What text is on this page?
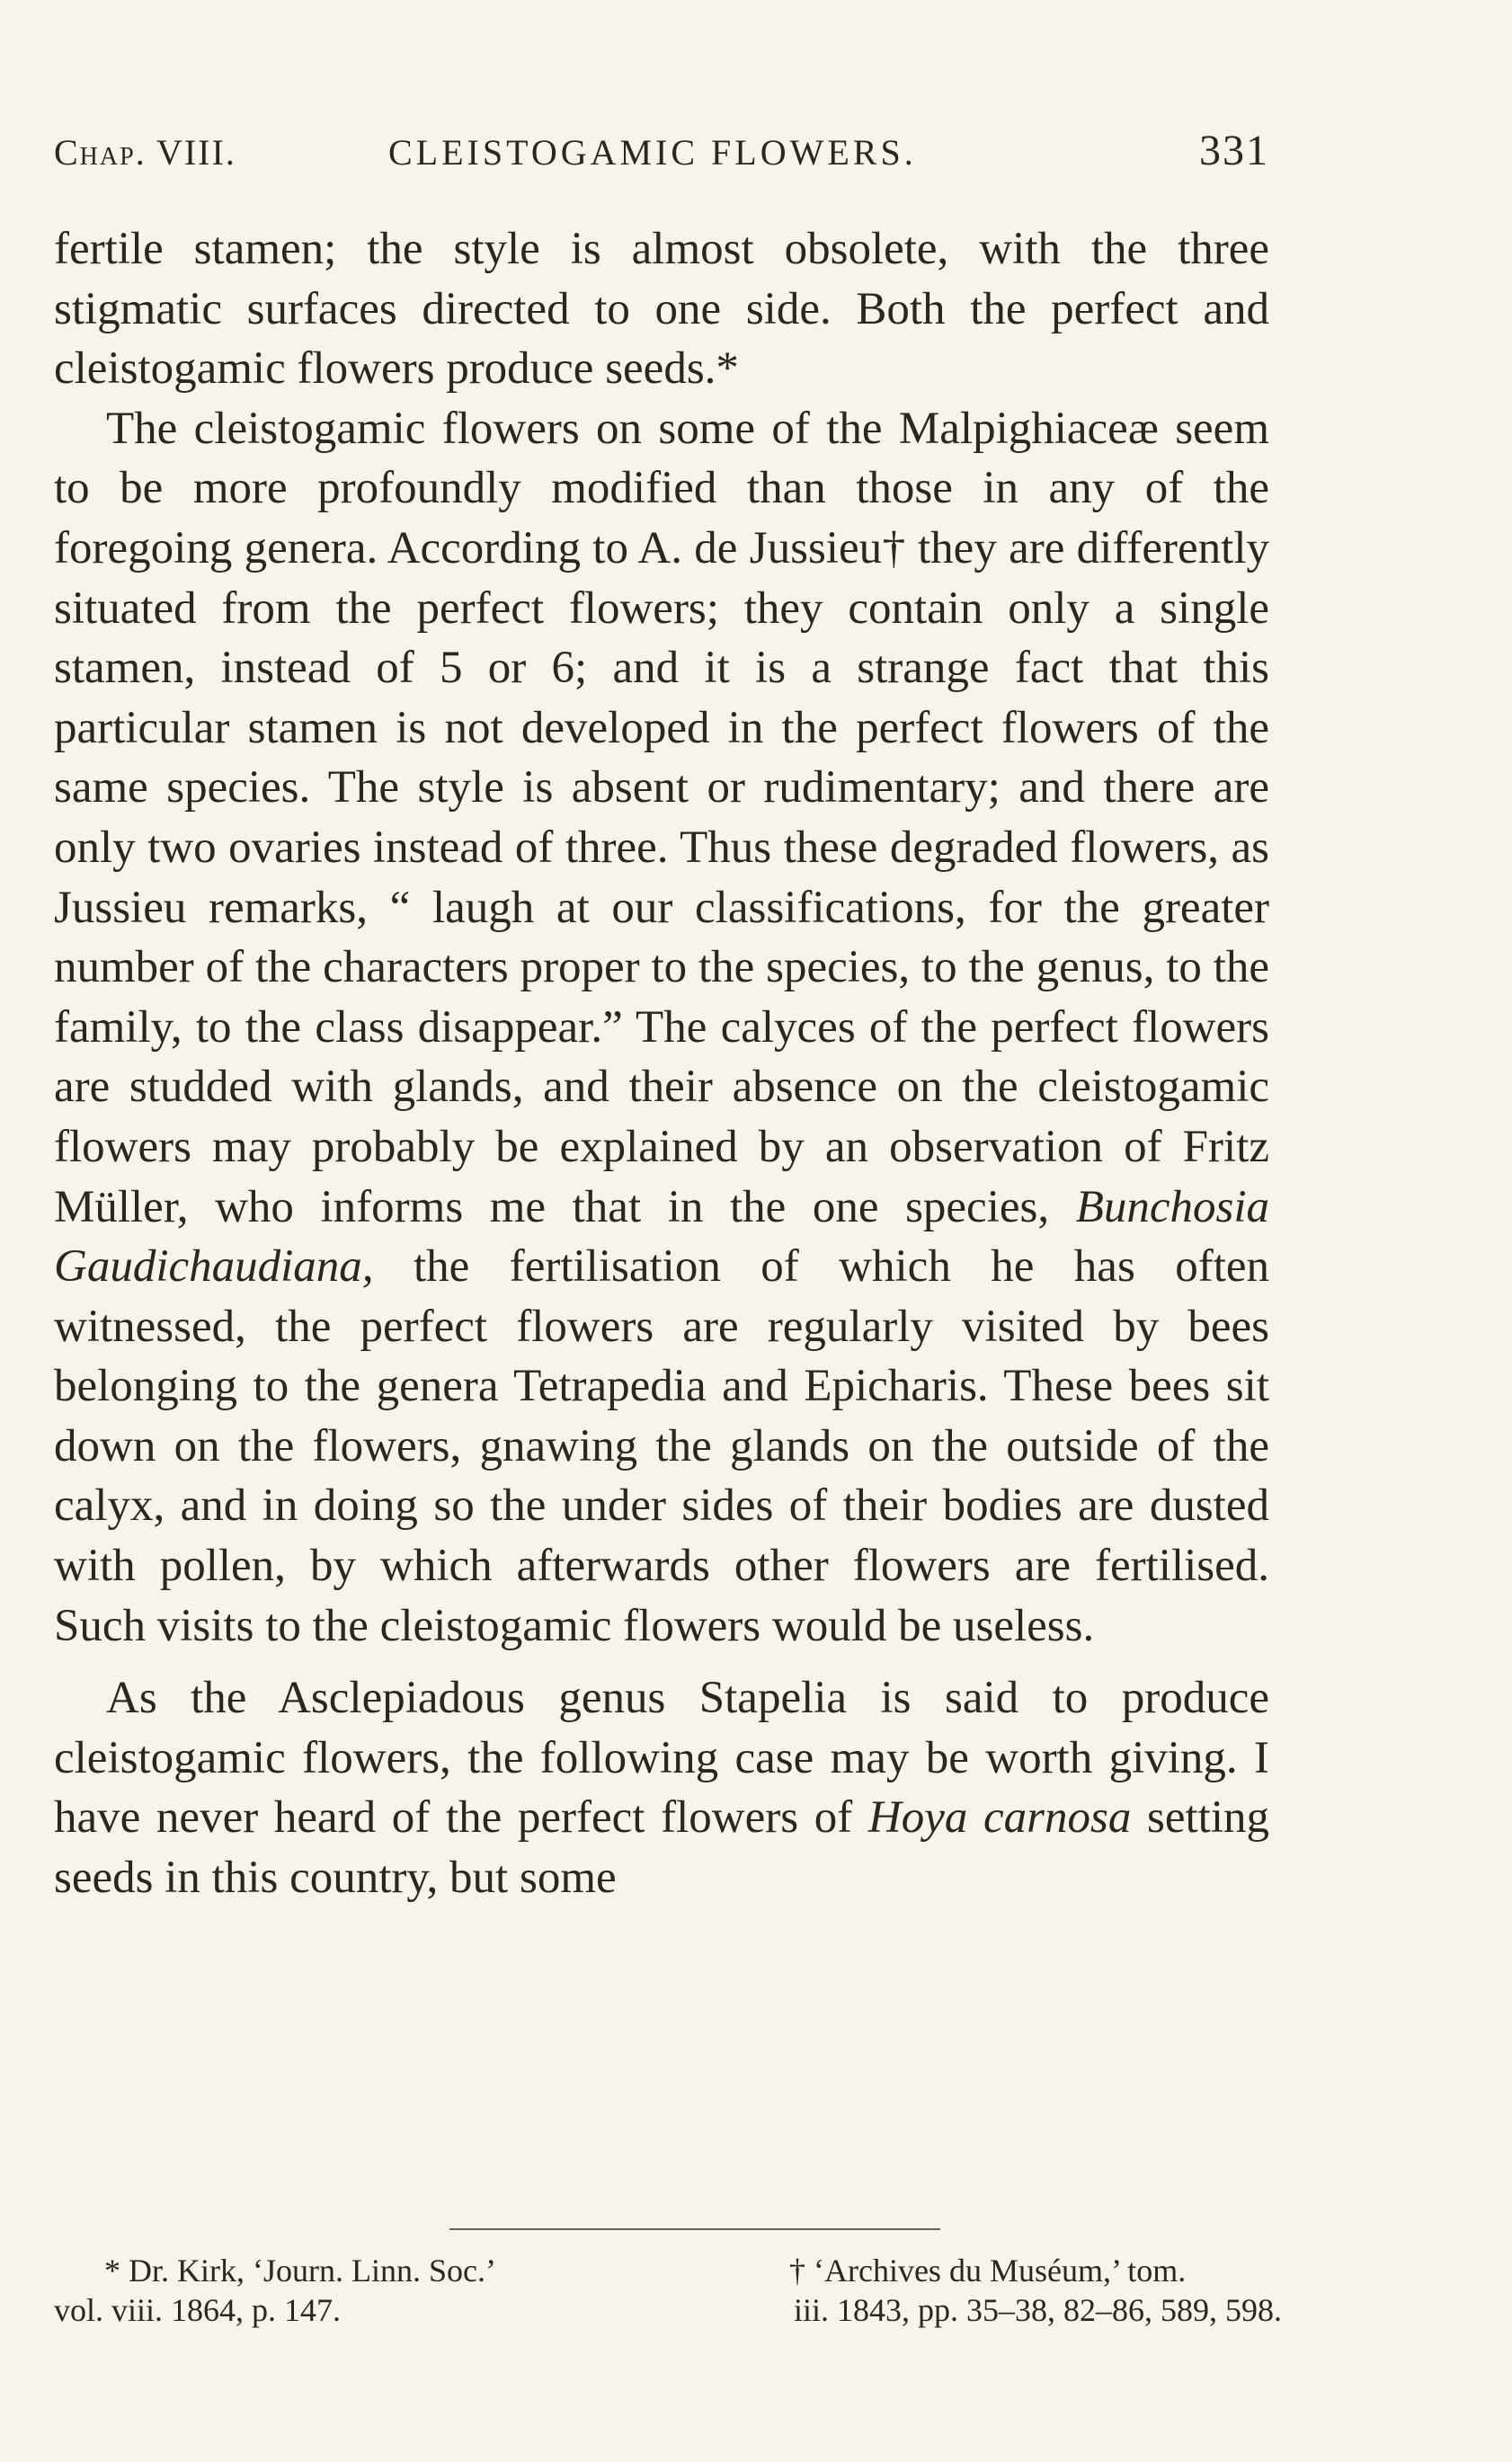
Chap. VIII.	CLEISTOGAMIC FLOWERS.	331

fertile stamen; the style is almost obsolete, with the three stigmatic surfaces directed to one side. Both the perfect and cleistogamic flowers produce seeds.*

The cleistogamic flowers on some of the Malpighiaceæ seem to be more profoundly modified than those in any of the foregoing genera. According to A. de Jussieu† they are differently situated from the perfect flowers; they contain only a single stamen, instead of 5 or 6; and it is a strange fact that this particular stamen is not developed in the perfect flowers of the same species. The style is absent or rudimentary; and there are only two ovaries instead of three. Thus these degraded flowers, as Jussieu remarks, “ laugh at our classifications, for the greater number of the characters proper to the species, to the genus, to the family, to the class disappear.” The calyces of the perfect flowers are studded with glands, and their absence on the cleistogamic flowers may probably be explained by an observation of Fritz Müller, who informs me that in the one species, Bunchosia Gaudichaudiana, the fertilisation of which he has often witnessed, the perfect flowers are regularly visited by bees belonging to the genera Tetrapedia and Epicharis. These bees sit down on the flowers, gnawing the glands on the outside of the calyx, and in doing so the under sides of their bodies are dusted with pollen, by which afterwards other flowers are fertilised. Such visits to the cleistogamic flowers would be useless.

As the Asclepiadous genus Stapelia is said to produce cleistogamic flowers, the following case may be worth giving. I have never heard of the perfect flowers of Hoya carnosa setting seeds in this country, but some

* Dr. Kirk, ‘Journ. Linn. Soc.’
vol. viii. 1864, p. 147.
† ‘Archives du Muséum,’ tom.
iii. 1843, pp. 35–38, 82–86, 589, 598.
